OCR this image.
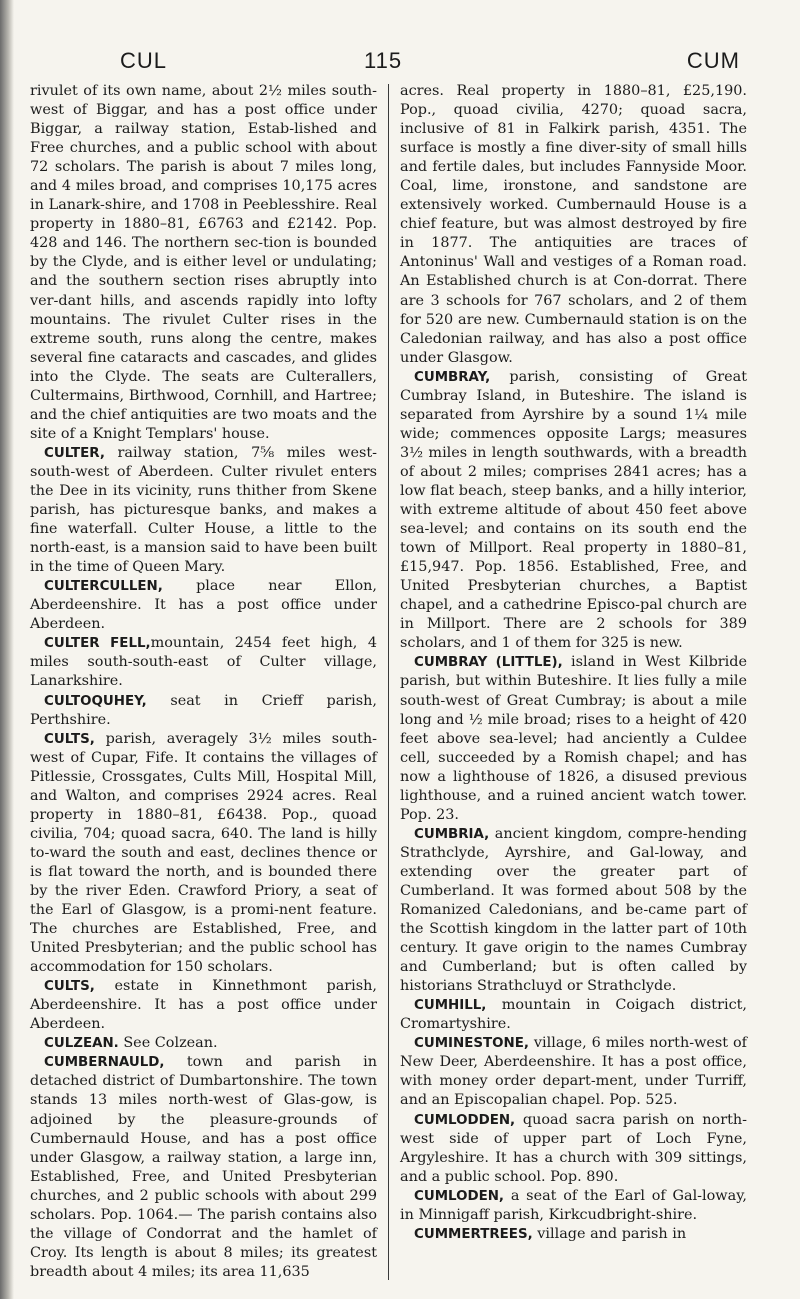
CUL	115	CUM

rivulet of its own name, about 2½ miles south-west of Biggar, and has a post office under Biggar, a railway station, Estab-lished and Free churches, and a public school with about 72 scholars. The parish is about 7 miles long, and 4 miles broad, and comprises 10,175 acres in Lanark-shire, and 1708 in Peeblesshire. Real property in 1880–81, £6763 and £2142. Pop. 428 and 146. The northern sec-tion is bounded by the Clyde, and is either level or undulating; and the southern section rises abruptly into ver-dant hills, and ascends rapidly into lofty mountains. The rivulet Culter rises in the extreme south, runs along the centre, makes several fine cataracts and cascades, and glides into the Clyde. The seats are Culterallers, Cultermains, Birthwood, Cornhill, and Hartree; and the chief antiquities are two moats and the site of a Knight Templars' house.

CULTER, railway station, 7⅝ miles west-south-west of Aberdeen. Culter rivulet enters the Dee in its vicinity, runs thither from Skene parish, has picturesque banks, and makes a fine waterfall. Culter House, a little to the north-east, is a mansion said to have been built in the time of Queen Mary.

CULTERCULLEN, place near Ellon, Aberdeenshire. It has a post office under Aberdeen.

CULTER FELL,mountain, 2454 feet high, 4 miles south-south-east of Culter village, Lanarkshire.

CULTOQUHEY, seat in Crieff parish, Perthshire.

CULTS, parish, averagely 3½ miles south-west of Cupar, Fife. It contains the villages of Pitlessie, Crossgates, Cults Mill, Hospital Mill, and Walton, and comprises 2924 acres. Real property in 1880–81, £6438. Pop., quoad civilia, 704; quoad sacra, 640. The land is hilly to-ward the south and east, declines thence or is flat toward the north, and is bounded there by the river Eden. Crawford Priory, a seat of the Earl of Glasgow, is a promi-nent feature. The churches are Established, Free, and United Presbyterian; and the public school has accommodation for 150 scholars.

CULTS, estate in Kinnethmont parish, Aberdeenshire. It has a post office under Aberdeen.

CULZEAN. See Colzean.

CUMBERNAULD, town and parish in detached district of Dumbartonshire. The town stands 13 miles north-west of Glas-gow, is adjoined by the pleasure-grounds of Cumbernauld House, and has a post office under Glasgow, a railway station, a large inn, Established, Free, and United Presbyterian churches, and 2 public schools with about 299 scholars. Pop. 1064.— The parish contains also the village of Condorrat and the hamlet of Croy. Its length is about 8 miles; its greatest breadth about 4 miles; its area 11,635

acres. Real property in 1880–81, £25,190. Pop., quoad civilia, 4270; quoad sacra, inclusive of 81 in Falkirk parish, 4351. The surface is mostly a fine diver-sity of small hills and fertile dales, but includes Fannyside Moor. Coal, lime, ironstone, and sandstone are extensively worked. Cumbernauld House is a chief feature, but was almost destroyed by fire in 1877. The antiquities are traces of Antoninus' Wall and vestiges of a Roman road. An Established church is at Con-dorrat. There are 3 schools for 767 scholars, and 2 of them for 520 are new. Cumbernauld station is on the Caledonian railway, and has also a post office under Glasgow.

CUMBRAY, parish, consisting of Great Cumbray Island, in Buteshire. The island is separated from Ayrshire by a sound 1¼ mile wide; commences opposite Largs; measures 3½ miles in length southwards, with a breadth of about 2 miles; comprises 2841 acres; has a low flat beach, steep banks, and a hilly interior, with extreme altitude of about 450 feet above sea-level; and contains on its south end the town of Millport. Real property in 1880–81, £15,947. Pop. 1856. Established, Free, and United Presbyterian churches, a Baptist chapel, and a cathedrine Episco-pal church are in Millport. There are 2 schools for 389 scholars, and 1 of them for 325 is new.

CUMBRAY (LITTLE), island in West Kilbride parish, but within Buteshire. It lies fully a mile south-west of Great Cumbray; is about a mile long and ½ mile broad; rises to a height of 420 feet above sea-level; had anciently a Culdee cell, succeeded by a Romish chapel; and has now a lighthouse of 1826, a disused previous lighthouse, and a ruined ancient watch tower. Pop. 23.

CUMBRIA, ancient kingdom, compre-hending Strathclyde, Ayrshire, and Gal-loway, and extending over the greater part of Cumberland. It was formed about 508 by the Romanized Caledonians, and be-came part of the Scottish kingdom in the latter part of 10th century. It gave origin to the names Cumbray and Cumberland; but is often called by historians Strathcluyd or Strathclyde.

CUMHILL, mountain in Coigach district, Cromartyshire.

CUMINESTONE, village, 6 miles north-west of New Deer, Aberdeenshire. It has a post office, with money order depart-ment, under Turriff, and an Episcopalian chapel. Pop. 525.

CUMLODDEN, quoad sacra parish on north-west side of upper part of Loch Fyne, Argyleshire. It has a church with 309 sittings, and a public school. Pop. 890.

CUMLODEN, a seat of the Earl of Gal-loway, in Minnigaff parish, Kirkcudbright-shire.

CUMMERTREES, village and parish in
